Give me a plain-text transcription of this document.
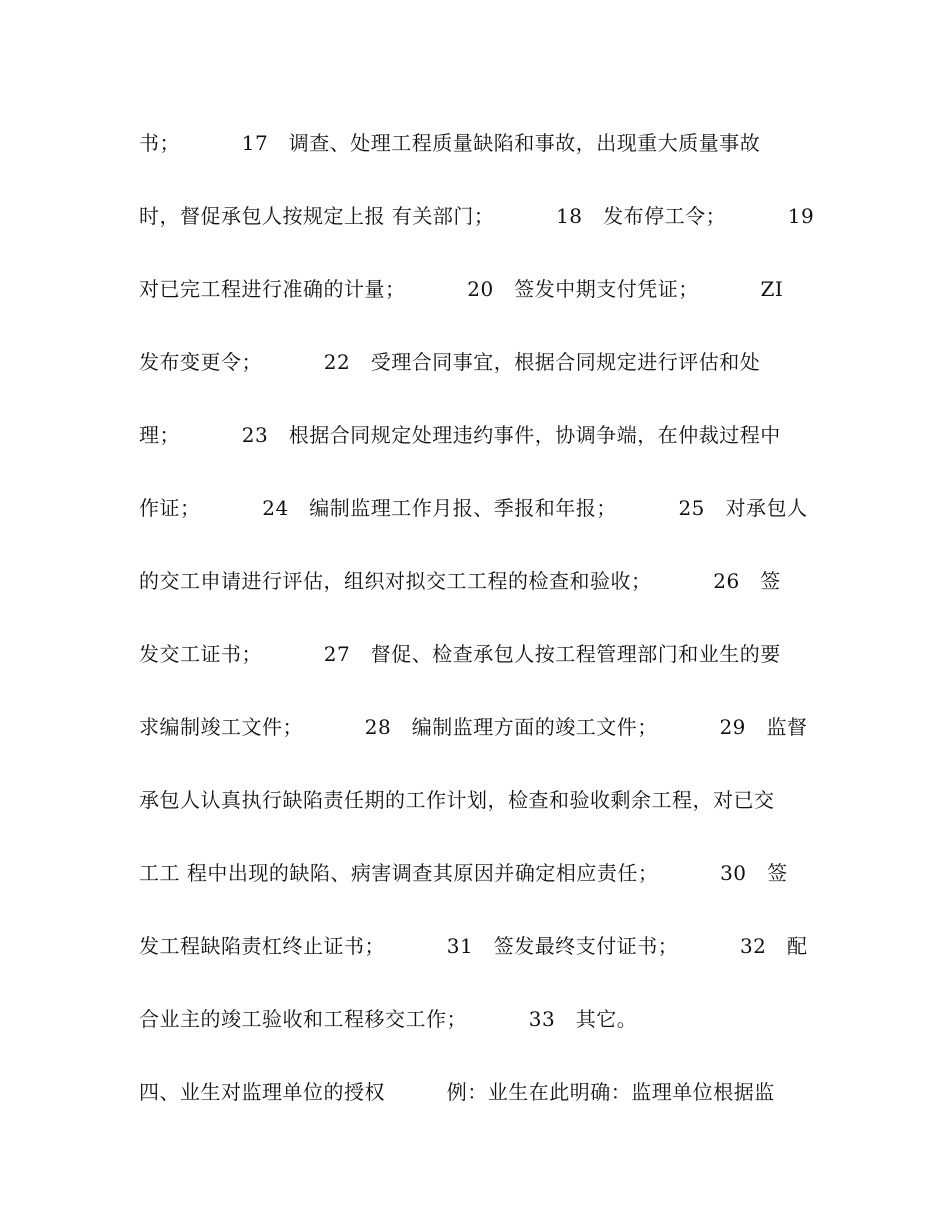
书；         17   调查、处理工程质量缺陷和事故，出现重大质量事故
时，督促承包人按规定上报 有关部门；         18   发布停工令；         19
对已完工程进行准确的计量；         20   签发中期支付凭证；         ZI
发布变更令；         22   受理合同事宜，根据合同规定进行评估和处
理；         23   根据合同规定处理违约事件，协调争端，在仲裁过程中
作证；         24   编制监理工作月报、季报和年报；         25   对承包人
的交工申请进行评估，组织对拟交工工程的检查和验收；         26   签
发交工证书；         27   督促、检查承包人按工程管理部门和业生的要
求编制竣工文件；         28   编制监理方面的竣工文件；         29   监督
承包人认真执行缺陷责任期的工作计划，检查和验收剩余工程，对已交
工工 程中出现的缺陷、病害调查其原因并确定相应责任；         30   签
发工程缺陷责杠终止证书；         31   签发最终支付证书；         32   配
合业主的竣工验收和工程移交工作；         33   其它。
四、业生对监理单位的授权         例：业生在此明确：监理单位根据监
